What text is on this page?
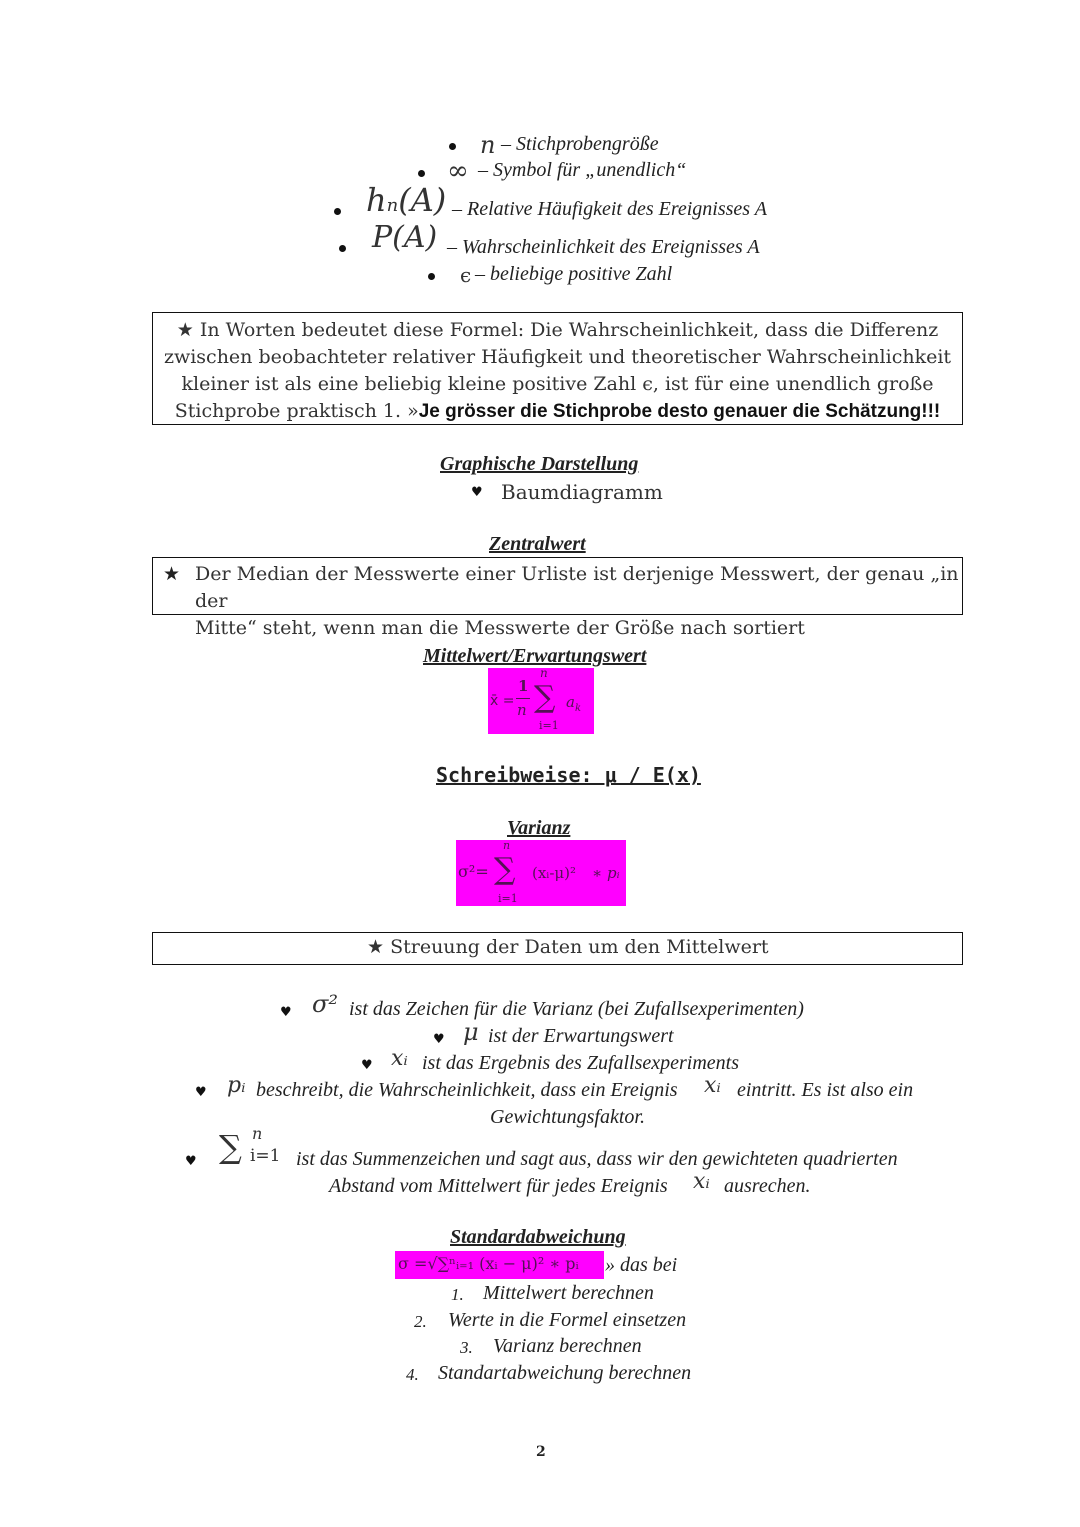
n – Stichprobengröße
∞ – Symbol für „unendlich“
hn(A) – Relative Häufigkeit des Ereignisses A
P(A) – Wahrscheinlichkeit des Ereignisses A
ϵ – beliebige positive Zahl
★ In Worten bedeutet diese Formel: Die Wahrscheinlichkeit, dass die Differenz
zwischen beobachteter relativer Häufigkeit und theoretischer Wahrscheinlichkeit
kleiner ist als eine beliebig kleine positive Zahl ϵ, ist für eine unendlich große
Stichprobe praktisch 1. »Je grösser die Stichprobe desto genauer die Schätzung!!!
Graphische Darstellung
♥ Baumdiagramm
Zentralwert
★ Der Median der Messwerte einer Urliste ist derjenige Messwert, der genau „in der
Mitte“ steht, wenn man die Messwerte der Größe nach sortiert
Mittelwert/Erwartungswert
x̄ =
1
n ∑
n
i=1
$a_k$
Schreibweise: μ / E(x)
Varianz
σ²= ∑
n
i=1
(xᵢ-μ)² ∗ pᵢ
★ Streuung der Daten um den Mittelwert
♥ σ² ist das Zeichen für die Varianz (bei Zufallsexperimenten)
♥ μ ist der Erwartungswert
♥ xᵢ ist das Ergebnis des Zufallsexperiments
♥ pᵢ beschreibt, die Wahrscheinlichkeit, dass ein Ereignis xᵢ eintritt. Es ist also ein
Gewichtungsfaktor.
♥ ∑ n
i=1 ist das Summenzeichen und sagt aus, dass wir den gewichteten quadrierten
Abstand vom Mittelwert für jedes Ereignis xᵢ ausrechen.
Standardabweichung
σ =√∑ⁿᵢ₌₁ (xᵢ − μ)² ∗ pᵢ » das bei
1. Mittelwert berechnen
2. Werte in die Formel einsetzen
3. Varianz berechnen
4. Standartabweichung berechnen
2
